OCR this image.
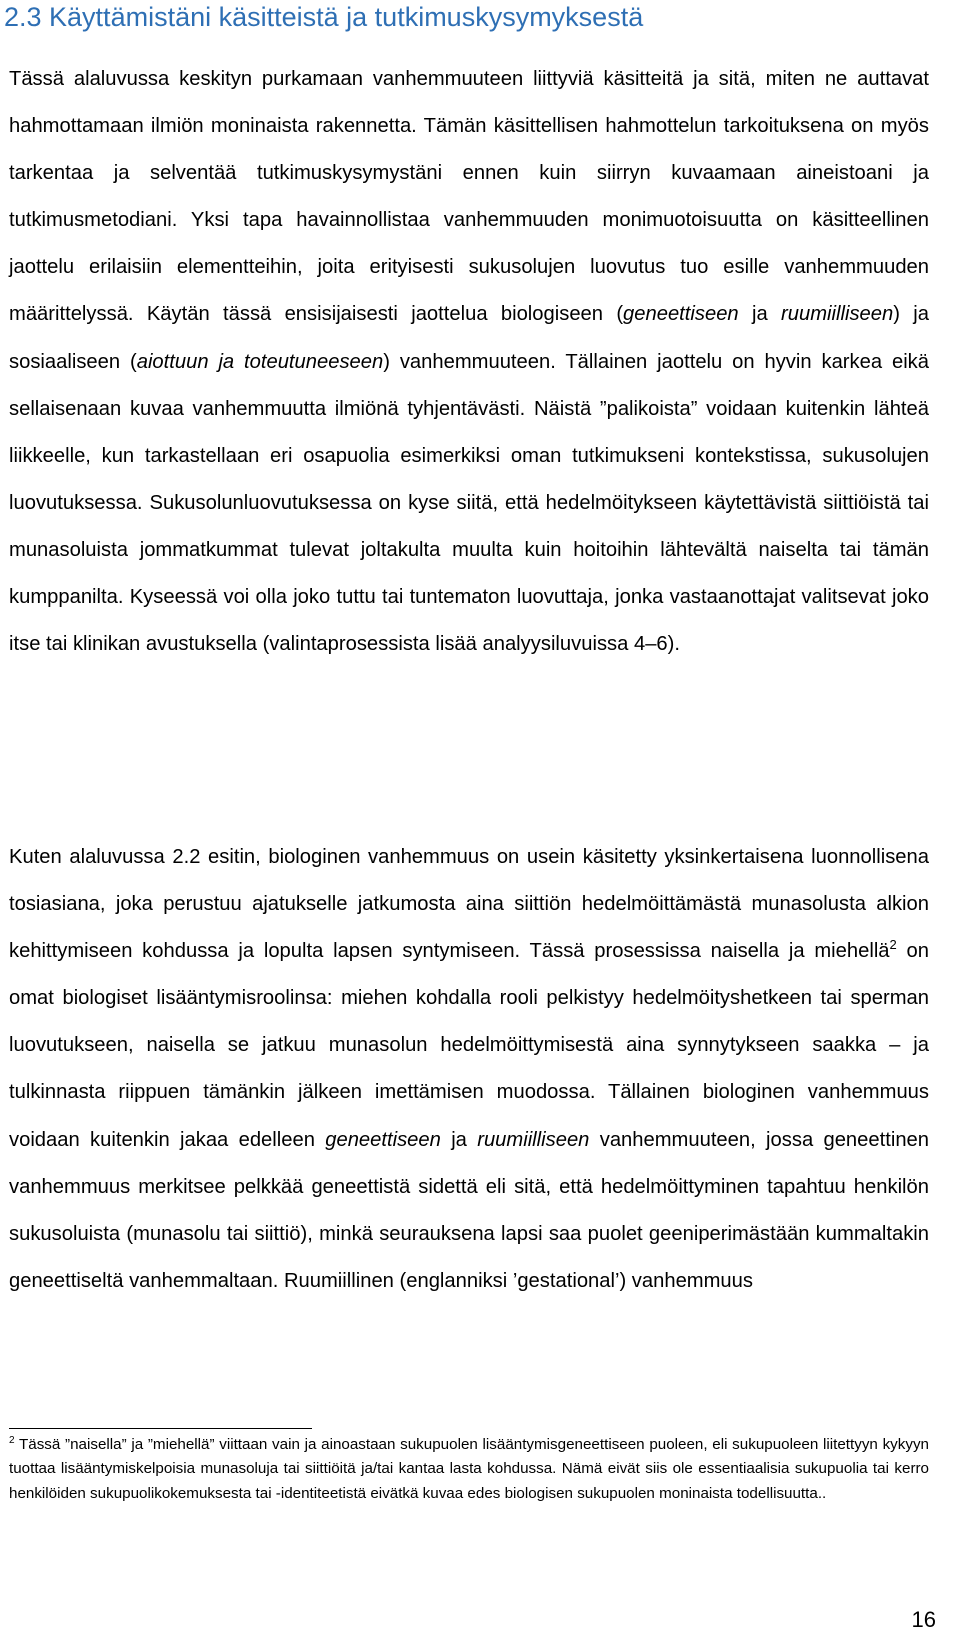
2.3 Käyttämistäni käsitteistä ja tutkimuskysymyksestä

Tässä alaluvussa keskityn purkamaan vanhemmuuteen liittyviä käsitteitä ja sitä, miten ne auttavat hahmottamaan ilmiön moninaista rakennetta. Tämän käsittellisen hahmottelun tarkoituksena on myös tarkentaa ja selventää tutkimuskysymystäni ennen kuin siirryn kuvaamaan aineistoani ja tutkimusmetodiani. Yksi tapa havainnollistaa vanhemmuuden monimuotoisuutta on käsitteellinen jaottelu erilaisiin elementteihin, joita erityisesti sukusolujen luovutus tuo esille vanhemmuuden määrittelyssä. Käytän tässä ensisijaisesti jaottelua biologiseen (geneettiseen ja ruumiilliseen) ja sosiaaliseen (aiottuun ja toteutuneeseen) vanhemmuuteen. Tällainen jaottelu on hyvin karkea eikä sellaisenaan kuvaa vanhemmuutta ilmiönä tyhjentävästi. Näistä ”palikoista” voidaan kuitenkin lähteä liikkeelle, kun tarkastellaan eri osapuolia esimerkiksi oman tutkimukseni kontekstissa, sukusolujen luovutuksessa. Sukusolunluovutuksessa on kyse siitä, että hedelmöitykseen käytettävistä siittiöistä tai munasoluista jommatkummat tulevat joltakulta muulta kuin hoitoihin lähtevältä naiselta tai tämän kumppanilta. Kyseessä voi olla joko tuttu tai tuntematon luovuttaja, jonka vastaanottajat valitsevat joko itse tai klinikan avustuksella (valintaprosessista lisää analyysiluvuissa 4–6).

Kuten alaluvussa 2.2 esitin, biologinen vanhemmuus on usein käsitetty yksinkertaisena luonnollisena tosiasiana, joka perustuu ajatukselle jatkumosta aina siittiön hedelmöittämästä munasolusta alkion kehittymiseen kohdussa ja lopulta lapsen syntymiseen. Tässä prosessissa naisella ja miehellä$^2$ on omat biologiset lisääntymisroolinsa: miehen kohdalla rooli pelkistyy hedelmöityshetkeen tai sperman luovutukseen, naisella se jatkuu munasolun hedelmöittymisestä aina synnytykseen saakka – ja tulkinnasta riippuen tämänkin jälkeen imettämisen muodossa. Tällainen biologinen vanhemmuus voidaan kuitenkin jakaa edelleen geneettiseen ja ruumiilliseen vanhemmuuteen, jossa geneettinen vanhemmuus merkitsee pelkkää geneettistä sidettä eli sitä, että hedelmöittyminen tapahtuu henkilön sukusoluista (munasolu tai siittiö), minkä seurauksena lapsi saa puolet geeniperimästään kummaltakin geneettiseltä vanhemmaltaan. Ruumiillinen (englanniksi ’gestational’) vanhemmuus

$^2$ Tässä ”naisella” ja ”miehellä” viittaan vain ja ainoastaan sukupuolen lisääntymisgeneettiseen puoleen, eli sukupuoleen liitettyyn kykyyn tuottaa lisääntymiskelpoisia munasoluja tai siittiöitä ja/tai kantaa lasta kohdussa. Nämä eivät siis ole essentiaalisia sukupuolia tai kerro henkilöiden sukupuolikokemuksesta tai -identiteetistä eivätkä kuvaa edes biologisen sukupuolen moninaista todellisuutta..

16
